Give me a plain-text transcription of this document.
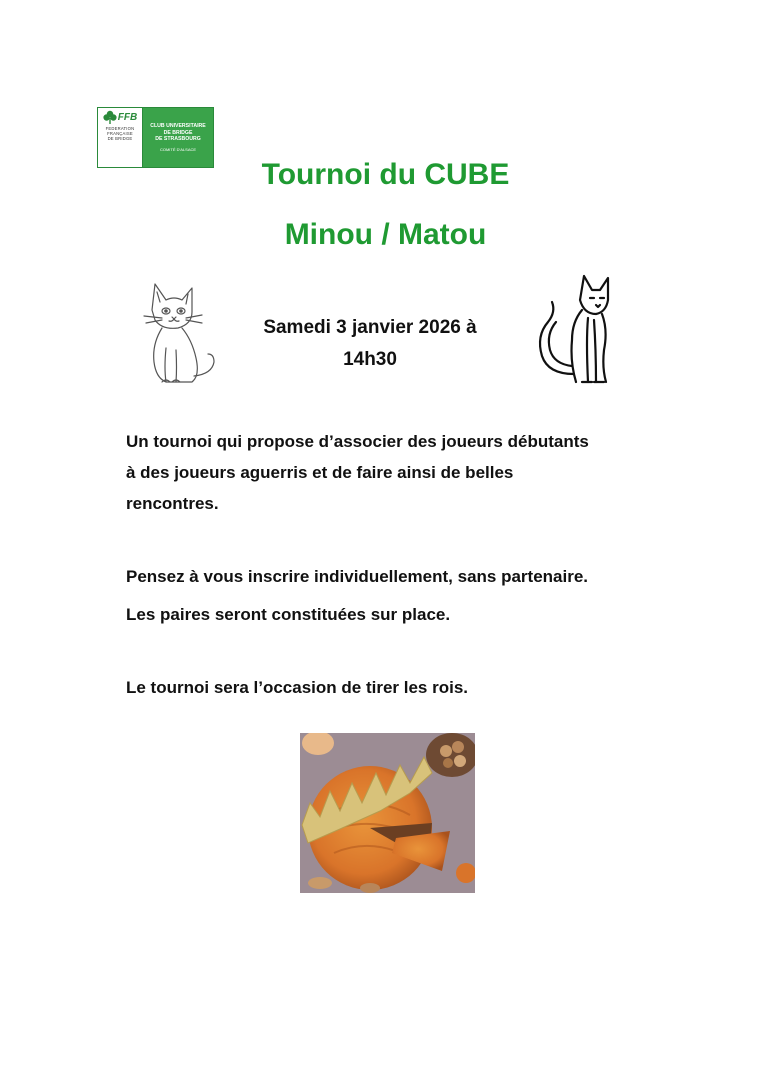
FFB
FEDERATION
FRANÇAISE
DE BRIDGE
CLUB UNIVERSITAIRE
DE BRIDGE
DE STRASBOURG
COMITÉ D'ALSACE
Tournoi du CUBE
Minou / Matou
Samedi 3 janvier 2026 à
14h30
Un tournoi qui propose d’associer des joueurs débutants
à des joueurs aguerris et de faire ainsi de belles
rencontres.
Pensez à vous inscrire individuellement, sans partenaire.
Les paires seront constituées sur place.
Le tournoi sera l’occasion de tirer les rois.
